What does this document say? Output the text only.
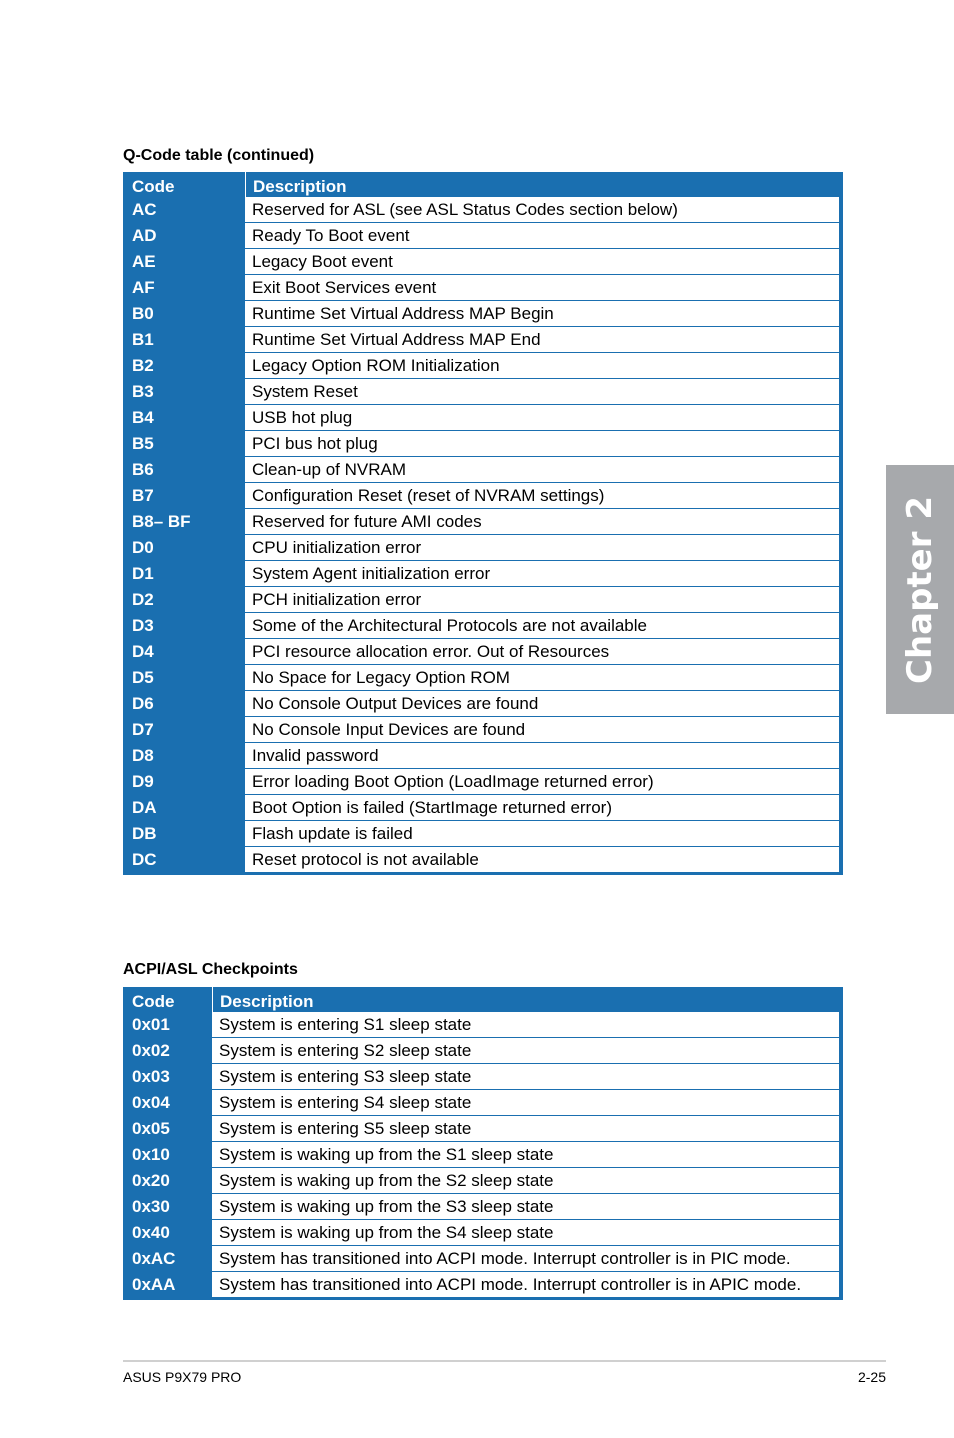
Q-Code table (continued)
Code	Description
AC	Reserved for ASL (see ASL Status Codes section below)
AD	Ready To Boot event
AE	Legacy Boot event
AF	Exit Boot Services event
B0	Runtime Set Virtual Address MAP Begin
B1	Runtime Set Virtual Address MAP End
B2	Legacy Option ROM Initialization
B3	System Reset
B4	USB hot plug
B5	PCI bus hot plug
B6	Clean-up of NVRAM
B7	Configuration Reset (reset of NVRAM settings)
B8– BF	Reserved for future AMI codes
D0	CPU initialization error
D1	System Agent initialization error
D2	PCH initialization error
D3	Some of the Architectural Protocols are not available
D4	PCI resource allocation error. Out of Resources
D5	No Space for Legacy Option ROM
D6	No Console Output Devices are found
D7	No Console Input Devices are found
D8	Invalid password
D9	Error loading Boot Option (LoadImage returned error)
DA	Boot Option is failed (StartImage returned error)
DB	Flash update is failed
DC	Reset protocol is not available
ACPI/ASL Checkpoints
Code	Description
0x01	System is entering S1 sleep state
0x02	System is entering S2 sleep state
0x03	System is entering S3 sleep state
0x04	System is entering S4 sleep state
0x05	System is entering S5 sleep state
0x10	System is waking up from the S1 sleep state
0x20	System is waking up from the S2 sleep state
0x30	System is waking up from the S3 sleep state
0x40	System is waking up from the S4 sleep state
0xAC	System has transitioned into ACPI mode. Interrupt controller is in PIC mode.
0xAA	System has transitioned into ACPI mode. Interrupt controller is in APIC mode.
Chapter 2
ASUS P9X79 PRO	2-25
